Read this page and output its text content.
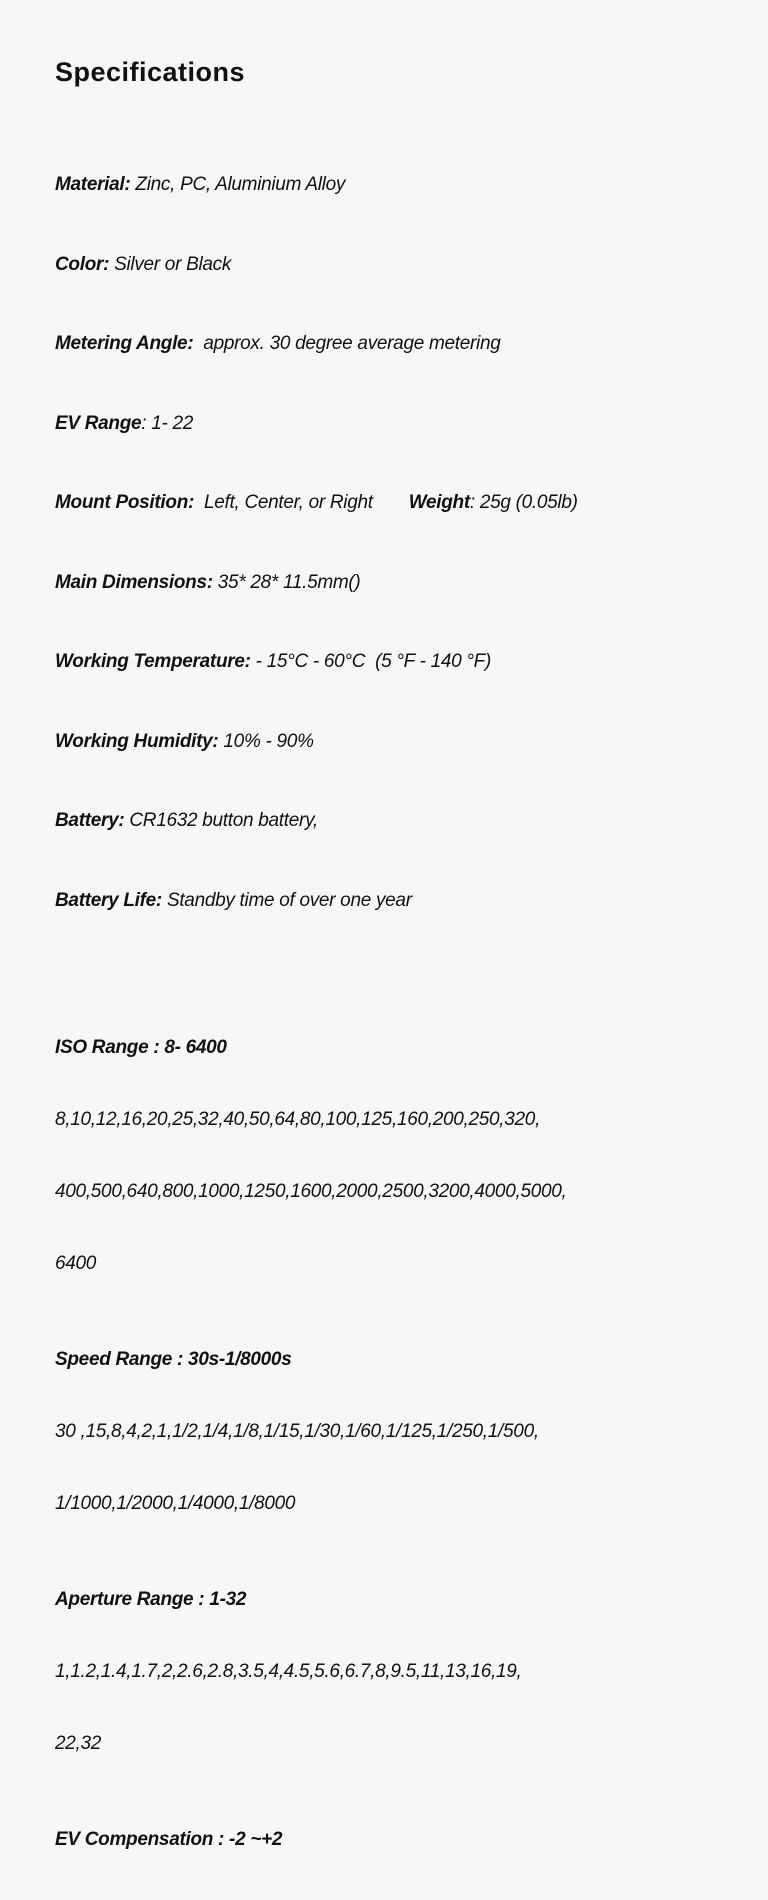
Specifications

Material: Zinc, PC, Aluminium Alloy

Color: Silver or Black

Metering Angle:  approx. 30 degree average metering

EV Range: 1- 22

Mount Position:  Left, Center, or Right Weight: 25g (0.05lb)

Main Dimensions: 35* 28* 11.5mm()

Working Temperature: - 15°C - 60°C  (5 °F - 140 °F)

Working Humidity: 10% - 90%

Battery: CR1632 button battery,

Battery Life: Standby time of over one year

ISO Range : 8- 6400

8,10,12,16,20,25,32,40,50,64,80,100,125,160,200,250,320,

400,500,640,800,1000,1250,1600,2000,2500,3200,4000,5000,

6400

Speed Range : 30s-1/8000s

30 ,15,8,4,2,1,1/2,1/4,1/8,1/15,1/30,1/60,1/125,1/250,1/500,

1/1000,1/2000,1/4000,1/8000

Aperture Range : 1-32

1,1.2,1.4,1.7,2,2.6,2.8,3.5,4,4.5,5.6,6.7,8,9.5,11,13,16,19,

22,32

EV Compensation : -2 ~+2
